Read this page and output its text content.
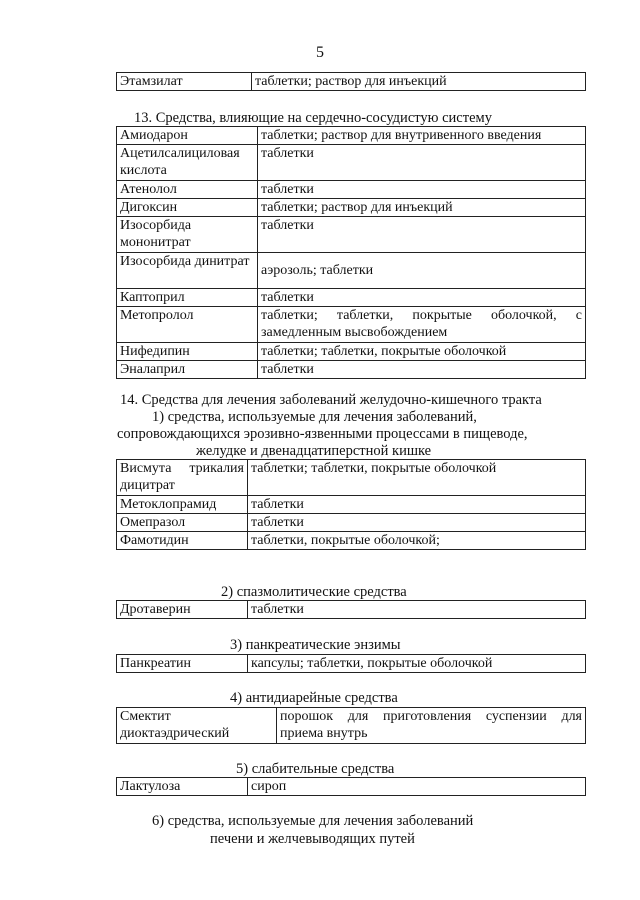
5
Этамзилат	таблетки; раствор для инъекций
13. Средства, влияющие на сердечно-сосудистую систему
Амиодарон	таблетки; раствор для внутривенного введения
Ацетилсалициловая кислота	таблетки
Атенолол	таблетки
Дигоксин	таблетки; раствор для инъекций
Изосорбида мононитрат	таблетки
Изосорбида динитрат	аэрозоль; таблетки
Каптоприл	таблетки
Метопролол	таблетки; таблетки, покрытые оболочкой, с замедленным высвобождением
Нифедипин	таблетки; таблетки, покрытые оболочкой
Эналаприл	таблетки
14. Средства для лечения заболеваний желудочно-кишечного тракта
1) средства, используемые для лечения заболеваний,
сопровождающихся эрозивно-язвенными процессами в пищеводе,
желудке и двенадцатиперстной кишке
Висмута трикалия дицитрат	таблетки; таблетки, покрытые оболочкой
Метоклопрамид	таблетки
Омепразол	таблетки
Фамотидин	таблетки, покрытые оболочкой;
2) спазмолитические средства
Дротаверин	таблетки
3) панкреатические энзимы
Панкреатин	капсулы; таблетки, покрытые оболочкой
4) антидиарейные средства
Смектит диоктаэдрический	порошок для приготовления суспензии для приема внутрь
5) слабительные средства
Лактулоза	сироп
6) средства, используемые для лечения заболеваний
печени и желчевыводящих путей
